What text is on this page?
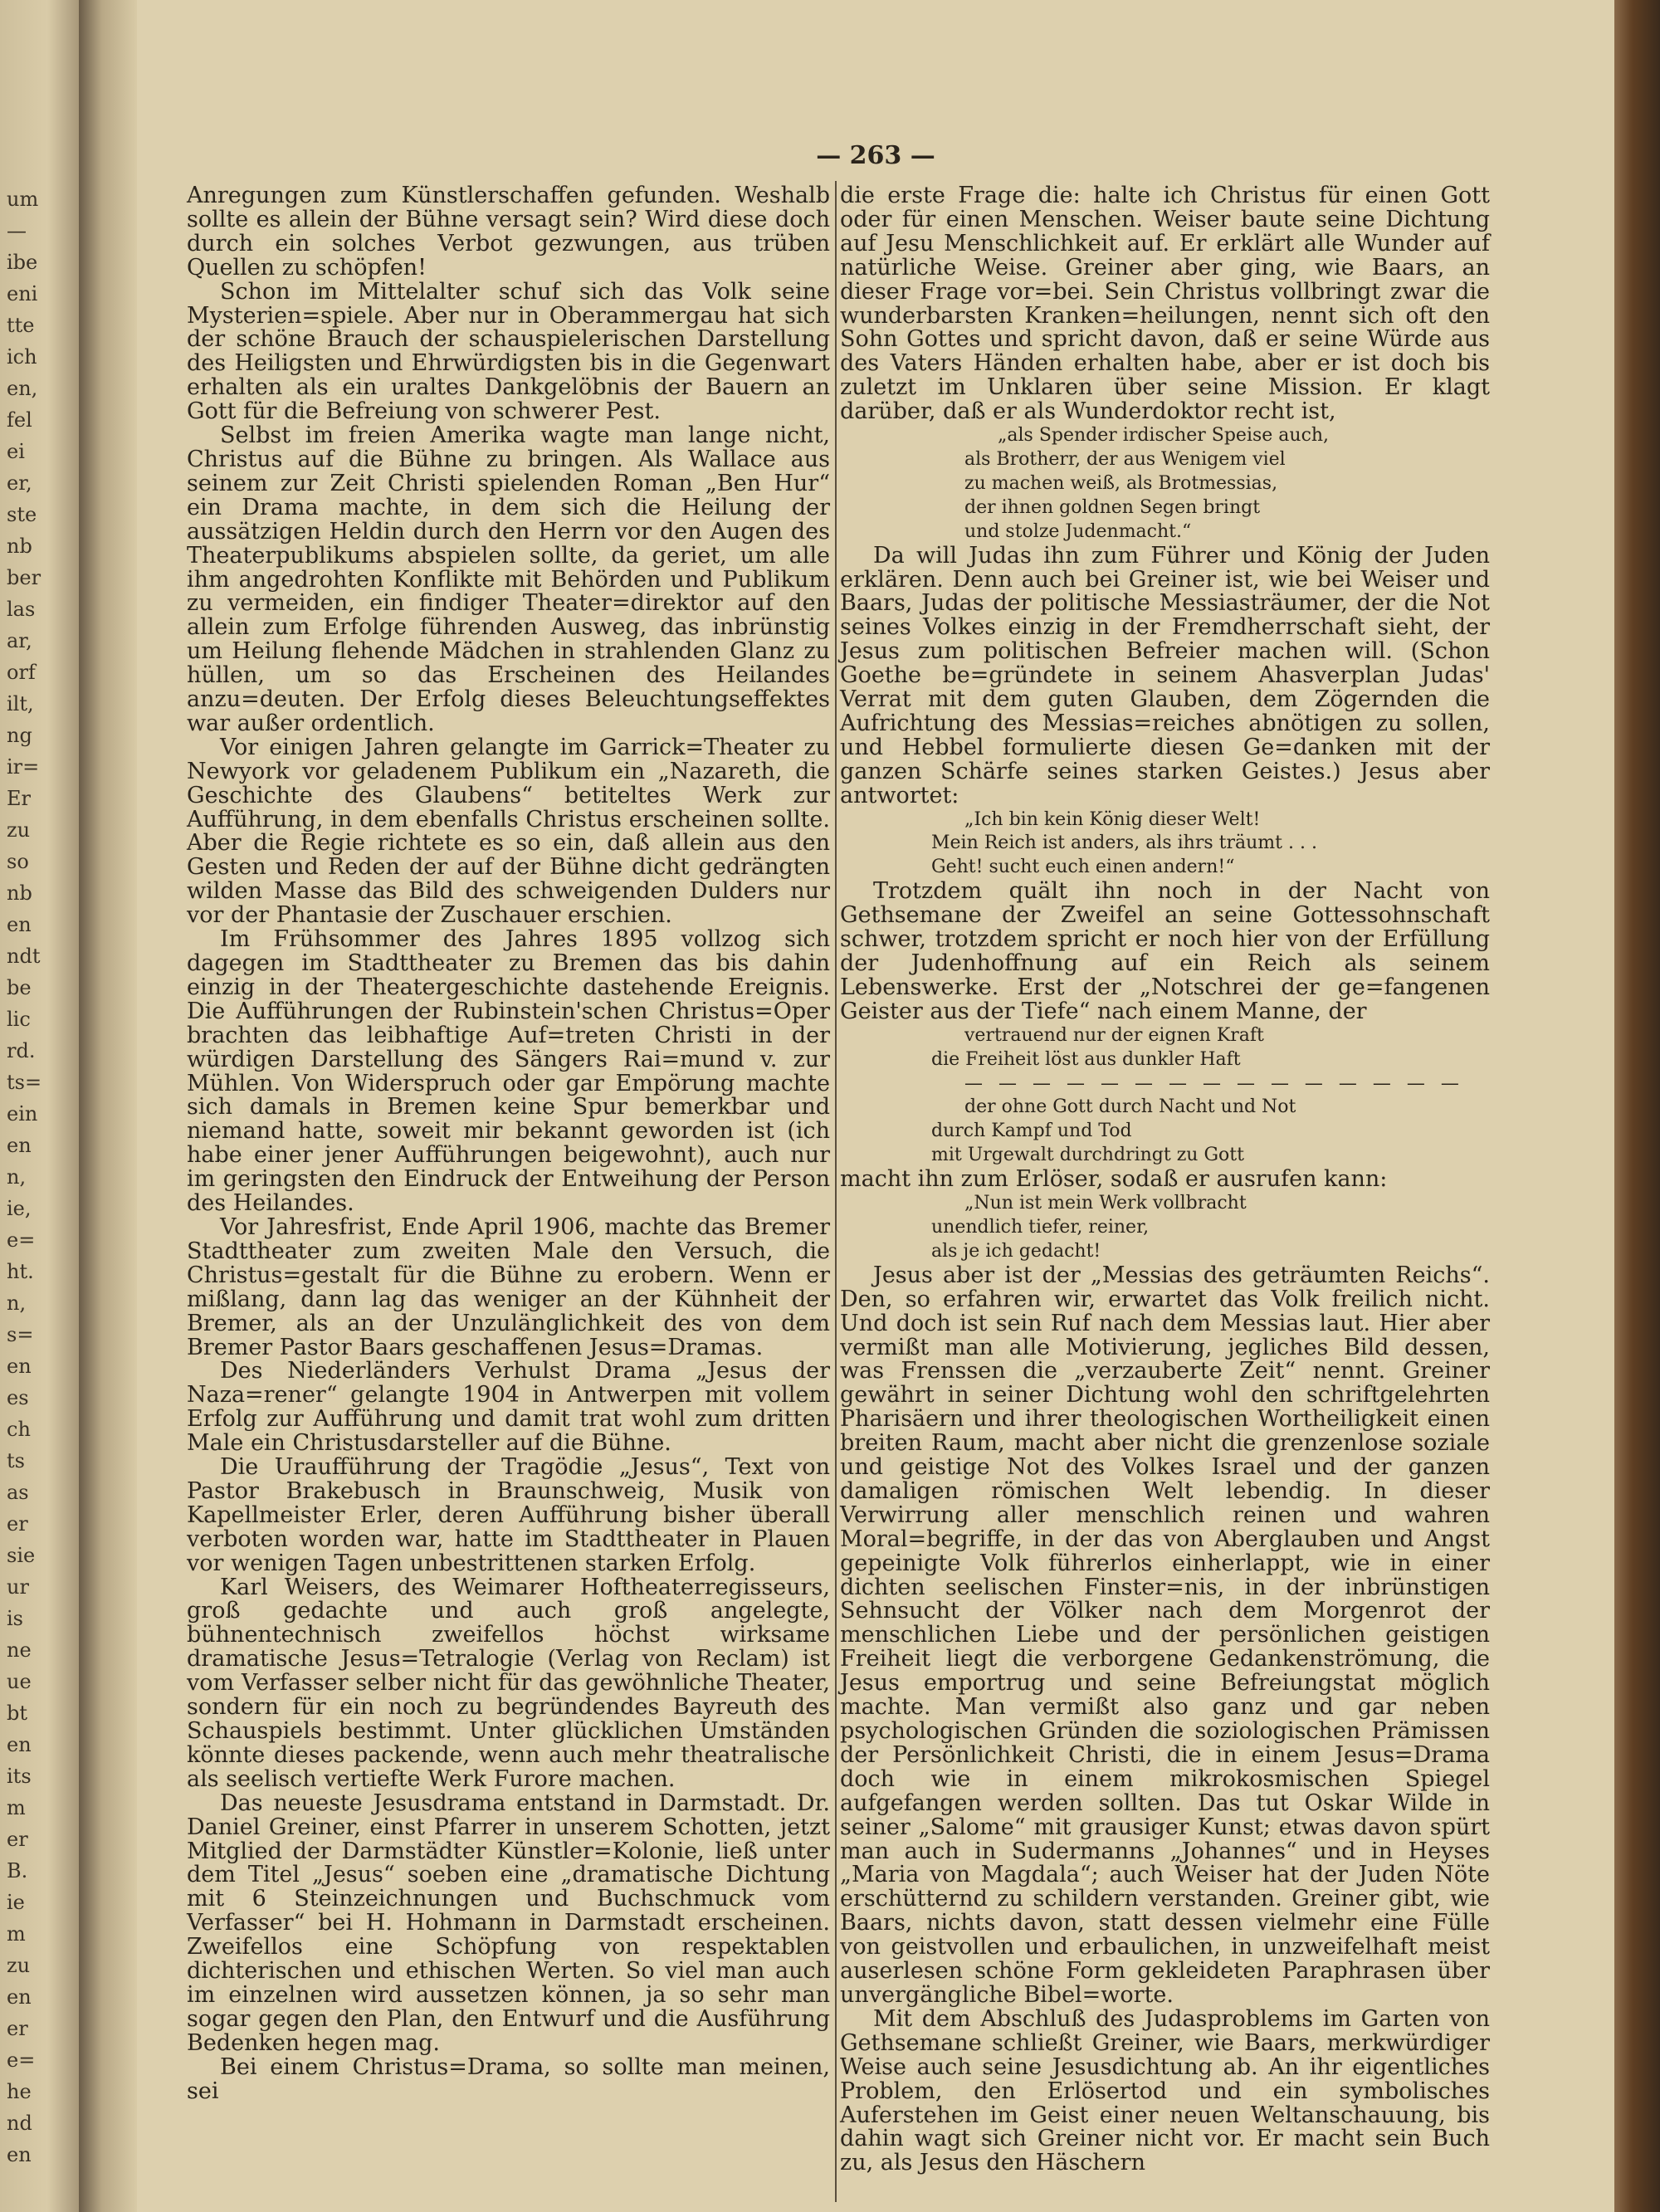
um
—
ibe
eni
tte
ich
en,
fel
ei
er,
ste
nb
ber
las
ar,
orf
ilt,
ng
ir=
Er
zu
so
nb
en
ndt
be
lic
rd.
ts=
ein
en
n,
ie,
e=
ht.
n,
s=
en
es
ch
ts
as
er
sie
ur
is
ne
ue
bt
en
its
m
er
B.
ie
m
zu
en
er
e=
he
nd
en
— 263 —

Anregungen zum Künstlerschaffen gefunden. Weshalb sollte es allein der Bühne versagt sein? Wird diese doch durch ein solches Verbot gezwungen, aus trüben Quellen zu schöpfen!

Schon im Mittelalter schuf sich das Volk seine Mysterien=spiele. Aber nur in Oberammergau hat sich der schöne Brauch der schauspielerischen Darstellung des Heiligsten und Ehrwürdigsten bis in die Gegenwart erhalten als ein uraltes Dankgelöbnis der Bauern an Gott für die Befreiung von schwerer Pest.

Selbst im freien Amerika wagte man lange nicht, Christus auf die Bühne zu bringen. Als Wallace aus seinem zur Zeit Christi spielenden Roman „Ben Hur“ ein Drama machte, in dem sich die Heilung der aussätzigen Heldin durch den Herrn vor den Augen des Theaterpublikums abspielen sollte, da geriet, um alle ihm angedrohten Konflikte mit Behörden und Publikum zu vermeiden, ein findiger Theater=direktor auf den allein zum Erfolge führenden Ausweg, das inbrünstig um Heilung flehende Mädchen in strahlenden Glanz zu hüllen, um so das Erscheinen des Heilandes anzu=deuten. Der Erfolg dieses Beleuchtungseffektes war außer ordentlich.

Vor einigen Jahren gelangte im Garrick=Theater zu Newyork vor geladenem Publikum ein „Nazareth, die Geschichte des Glaubens“ betiteltes Werk zur Aufführung, in dem ebenfalls Christus erscheinen sollte. Aber die Regie richtete es so ein, daß allein aus den Gesten und Reden der auf der Bühne dicht gedrängten wilden Masse das Bild des schweigenden Dulders nur vor der Phantasie der Zuschauer erschien.

Im Frühsommer des Jahres 1895 vollzog sich dagegen im Stadttheater zu Bremen das bis dahin einzig in der Theatergeschichte dastehende Ereignis. Die Aufführungen der Rubinstein'schen Christus=Oper brachten das leibhaftige Auf=treten Christi in der würdigen Darstellung des Sängers Rai=mund v. zur Mühlen. Von Widerspruch oder gar Empörung machte sich damals in Bremen keine Spur bemerkbar und niemand hatte, soweit mir bekannt geworden ist (ich habe einer jener Aufführungen beigewohnt), auch nur im geringsten den Eindruck der Entweihung der Person des Heilandes.

Vor Jahresfrist, Ende April 1906, machte das Bremer Stadttheater zum zweiten Male den Versuch, die Christus=gestalt für die Bühne zu erobern. Wenn er mißlang, dann lag das weniger an der Kühnheit der Bremer, als an der Unzulänglichkeit des von dem Bremer Pastor Baars geschaffenen Jesus=Dramas.

Des Niederländers Verhulst Drama „Jesus der Naza=rener“ gelangte 1904 in Antwerpen mit vollem Erfolg zur Aufführung und damit trat wohl zum dritten Male ein Christusdarsteller auf die Bühne.

Die Uraufführung der Tragödie „Jesus“, Text von Pastor Brakebusch in Braunschweig, Musik von Kapellmeister Erler, deren Aufführung bisher überall verboten worden war, hatte im Stadttheater in Plauen vor wenigen Tagen unbestrittenen starken Erfolg.

Karl Weisers, des Weimarer Hoftheaterregisseurs, groß gedachte und auch groß angelegte, bühnentechnisch zweifellos höchst wirksame dramatische Jesus=Tetralogie (Verlag von Reclam) ist vom Verfasser selber nicht für das gewöhnliche Theater, sondern für ein noch zu begründendes Bayreuth des Schauspiels bestimmt. Unter glücklichen Umständen könnte dieses packende, wenn auch mehr theatralische als seelisch vertiefte Werk Furore machen.

Das neueste Jesusdrama entstand in Darmstadt. Dr. Daniel Greiner, einst Pfarrer in unserem Schotten, jetzt Mitglied der Darmstädter Künstler=Kolonie, ließ unter dem Titel „Jesus“ soeben eine „dramatische Dichtung mit 6 Steinzeichnungen und Buchschmuck vom Verfasser“ bei H. Hohmann in Darmstadt erscheinen. Zweifellos eine Schöpfung von respektablen dichterischen und ethischen Werten. So viel man auch im einzelnen wird aussetzen können, ja so sehr man sogar gegen den Plan, den Entwurf und die Ausführung Bedenken hegen mag.

Bei einem Christus=Drama, so sollte man meinen, sei

die erste Frage die: halte ich Christus für einen Gott oder für einen Menschen. Weiser baute seine Dichtung auf Jesu Menschlichkeit auf. Er erklärt alle Wunder auf natürliche Weise. Greiner aber ging, wie Baars, an dieser Frage vor=bei. Sein Christus vollbringt zwar die wunderbarsten Kranken=heilungen, nennt sich oft den Sohn Gottes und spricht davon, daß er seine Würde aus des Vaters Händen erhalten habe, aber er ist doch bis zuletzt im Unklaren über seine Mission. Er klagt darüber, daß er als Wunderdoktor recht ist,

„als Spender irdischer Speise auch,
als Brotherr, der aus Wenigem viel
zu machen weiß, als Brotmessias,
der ihnen goldnen Segen bringt
und stolze Judenmacht.“

Da will Judas ihn zum Führer und König der Juden erklären. Denn auch bei Greiner ist, wie bei Weiser und Baars, Judas der politische Messiasträumer, der die Not seines Volkes einzig in der Fremdherrschaft sieht, der Jesus zum politischen Befreier machen will. (Schon Goethe be=gründete in seinem Ahasverplan Judas' Verrat mit dem guten Glauben, dem Zögernden die Aufrichtung des Messias=reiches abnötigen zu sollen, und Hebbel formulierte diesen Ge=danken mit der ganzen Schärfe seines starken Geistes.) Jesus aber antwortet:

„Ich bin kein König dieser Welt!
Mein Reich ist anders, als ihrs träumt . . .
Geht! sucht euch einen andern!“

Trotzdem quält ihn noch in der Nacht von Gethsemane der Zweifel an seine Gottessohnschaft schwer, trotzdem spricht er noch hier von der Erfüllung der Judenhoffnung auf ein Reich als seinem Lebenswerke. Erst der „Notschrei der ge=fangenen Geister aus der Tiefe“ nach einem Manne, der

vertrauend nur der eignen Kraft
die Freiheit löst aus dunkler Haft

— — — — — — — — — — — — — — —

der ohne Gott durch Nacht und Not
durch Kampf und Tod
mit Urgewalt durchdringt zu Gott

macht ihn zum Erlöser, sodaß er ausrufen kann:

„Nun ist mein Werk vollbracht
unendlich tiefer, reiner,
als je ich gedacht!

Jesus aber ist der „Messias des geträumten Reichs“. Den, so erfahren wir, erwartet das Volk freilich nicht. Und doch ist sein Ruf nach dem Messias laut. Hier aber vermißt man alle Motivierung, jegliches Bild dessen, was Frenssen die „verzauberte Zeit“ nennt. Greiner gewährt in seiner Dichtung wohl den schriftgelehrten Pharisäern und ihrer theologischen Wortheiligkeit einen breiten Raum, macht aber nicht die grenzenlose soziale und geistige Not des Volkes Israel und der ganzen damaligen römischen Welt lebendig. In dieser Verwirrung aller menschlich reinen und wahren Moral=begriffe, in der das von Aberglauben und Angst gepeinigte Volk führerlos einherlappt, wie in einer dichten seelischen Finster=nis, in der inbrünstigen Sehnsucht der Völker nach dem Morgenrot der menschlichen Liebe und der persönlichen geistigen Freiheit liegt die verborgene Gedankenströmung, die Jesus emportrug und seine Befreiungstat möglich machte. Man vermißt also ganz und gar neben psychologischen Gründen die soziologischen Prämissen der Persönlichkeit Christi, die in einem Jesus=Drama doch wie in einem mikrokosmischen Spiegel aufgefangen werden sollten. Das tut Oskar Wilde in seiner „Salome“ mit grausiger Kunst; etwas davon spürt man auch in Sudermanns „Johannes“ und in Heyses „Maria von Magdala“; auch Weiser hat der Juden Nöte erschütternd zu schildern verstanden. Greiner gibt, wie Baars, nichts davon, statt dessen vielmehr eine Fülle von geistvollen und erbaulichen, in unzweifelhaft meist auserlesen schöne Form gekleideten Paraphrasen über unvergängliche Bibel=worte.

Mit dem Abschluß des Judasproblems im Garten von Gethsemane schließt Greiner, wie Baars, merkwürdiger Weise auch seine Jesusdichtung ab. An ihr eigentliches Problem, den Erlösertod und ein symbolisches Auferstehen im Geist einer neuen Weltanschauung, bis dahin wagt sich Greiner nicht vor. Er macht sein Buch zu, als Jesus den Häschern
